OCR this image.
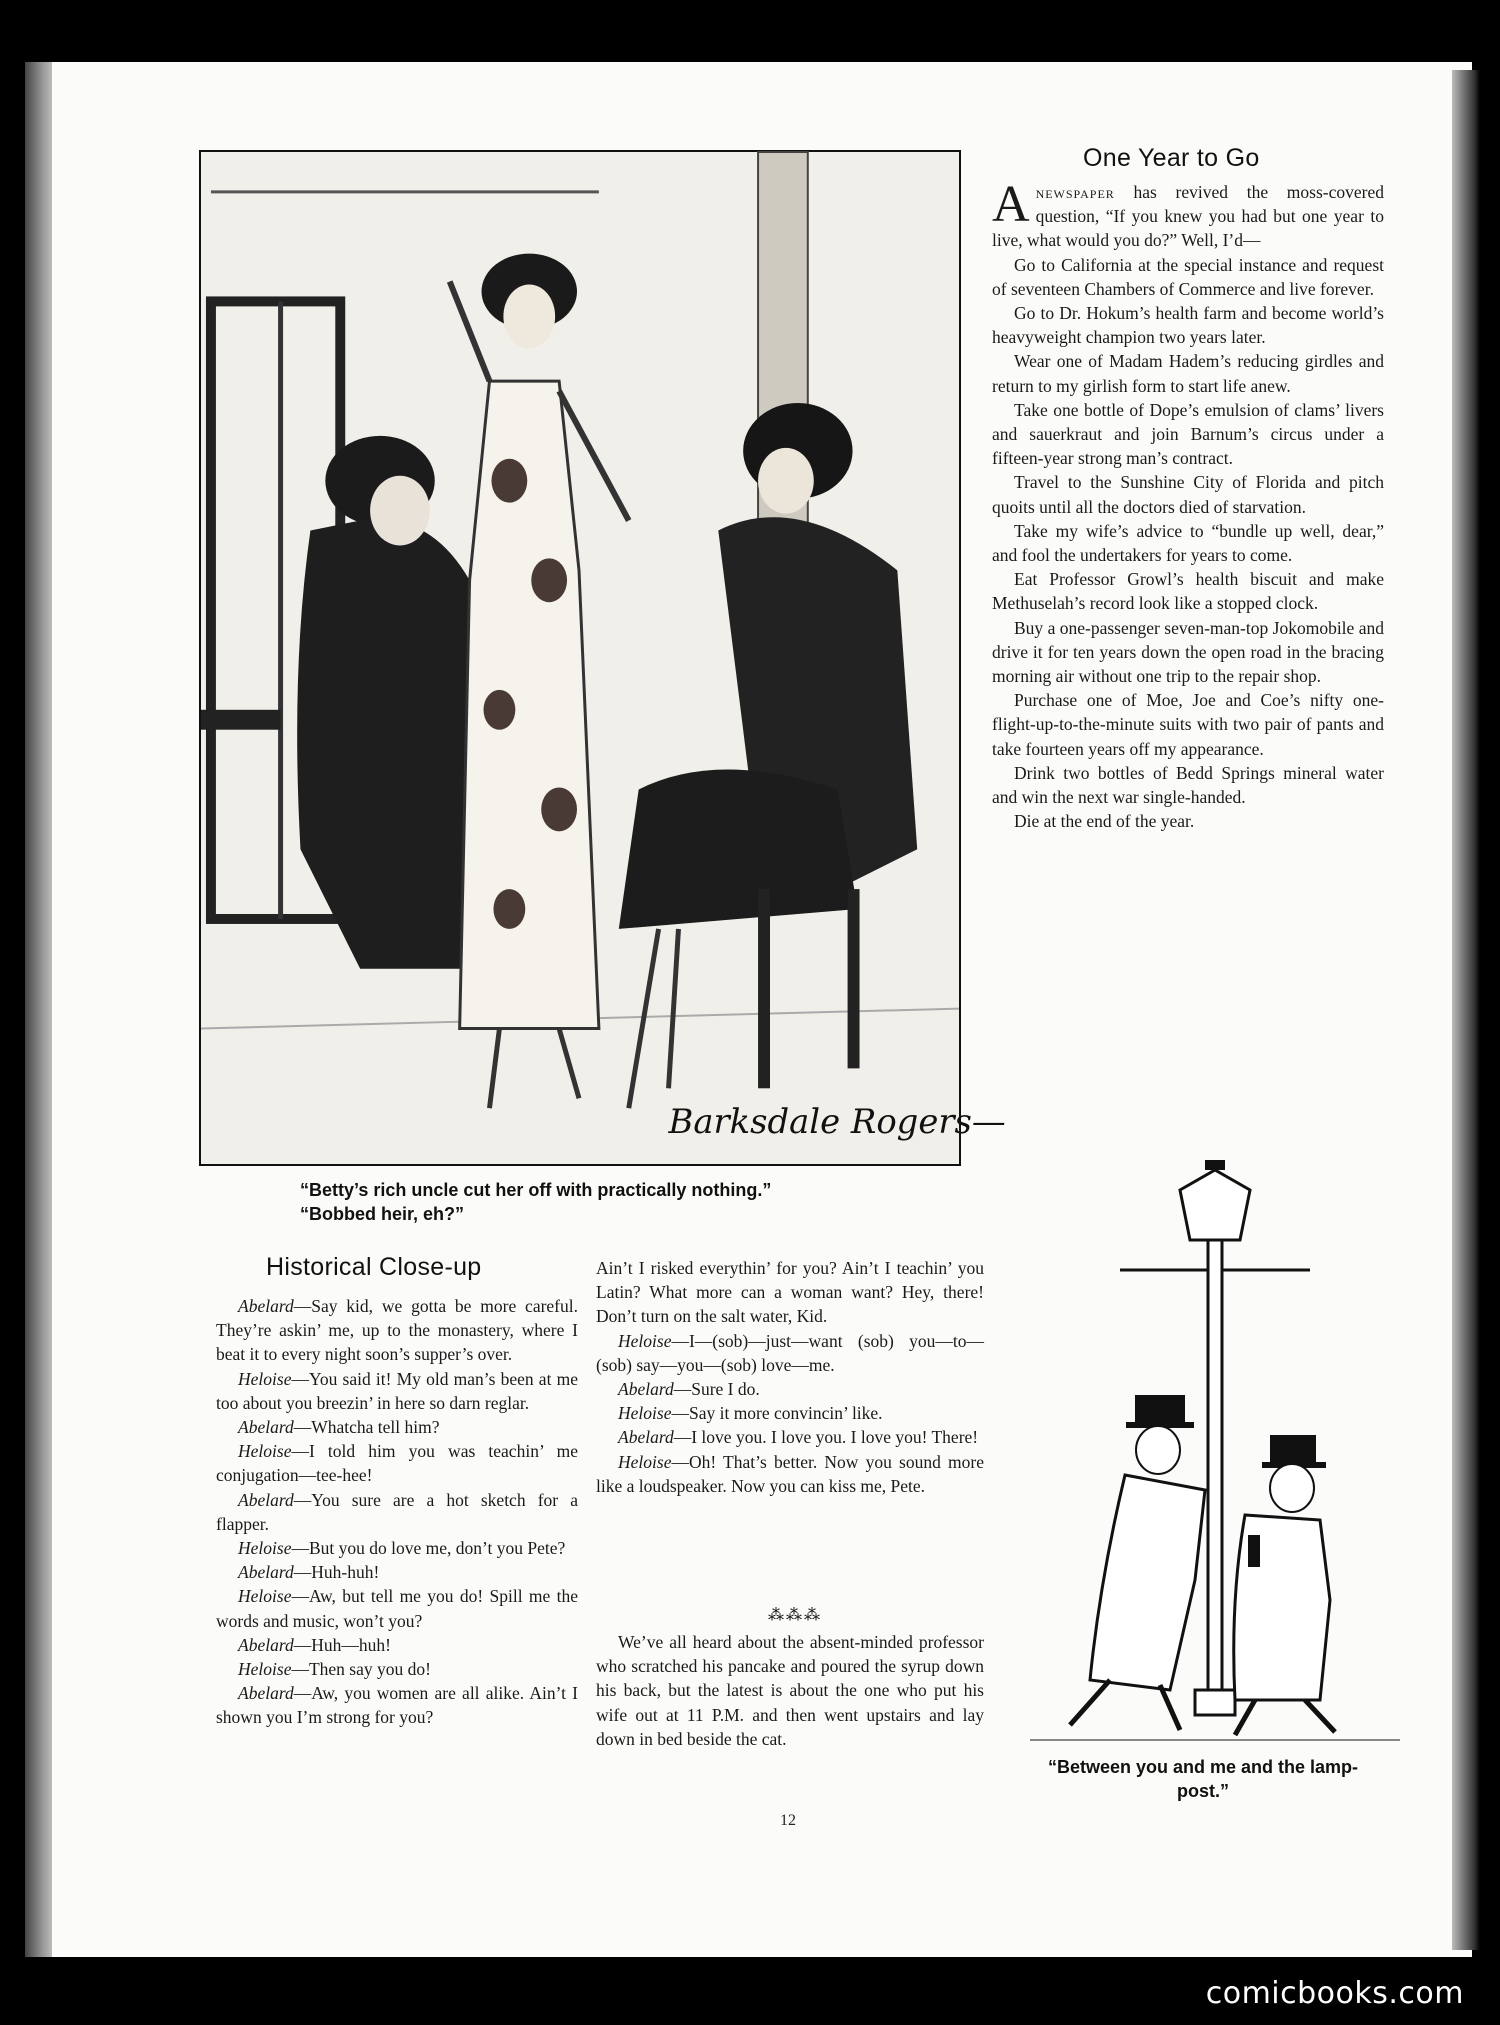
Barksdale Rogers—
“Betty’s rich uncle cut her off with practically nothing.”
“Bobbed heir, eh?”
One Year to Go

Anewspaper has revived the moss-covered question, “If you knew you had but one year to live, what would you do?” Well, I’d—

Go to California at the special instance and request of seventeen Chambers of Commerce and live forever.

Go to Dr. Hokum’s health farm and become world’s heavyweight champion two years later.

Wear one of Madam Hadem’s reducing girdles and return to my girlish form to start life anew.

Take one bottle of Dope’s emulsion of clams’ livers and sauerkraut and join Barnum’s circus under a fifteen-year strong man’s contract.

Travel to the Sunshine City of Florida and pitch quoits until all the doctors died of starvation.

Take my wife’s advice to “bundle up well, dear,” and fool the undertakers for years to come.

Eat Professor Growl’s health biscuit and make Methuselah’s record look like a stopped clock.

Buy a one-passenger seven-man-top Jokomobile and drive it for ten years down the open road in the bracing morning air without one trip to the repair shop.

Purchase one of Moe, Joe and Coe’s nifty one-flight-up-to-the-minute suits with two pair of pants and take fourteen years off my appearance.

Drink two bottles of Bedd Springs mineral water and win the next war single-handed.

Die at the end of the year.

Historical Close-up

Abelard—Say kid, we gotta be more careful. They’re askin’ me, up to the monastery, where I beat it to every night soon’s supper’s over.

Heloise—You said it! My old man’s been at me too about you breezin’ in here so darn reglar.

Abelard—Whatcha tell him?

Heloise—I told him you was teachin’ me conjugation—tee-hee!

Abelard—You sure are a hot sketch for a flapper.

Heloise—But you do love me, don’t you Pete?

Abelard—Huh-huh!

Heloise—Aw, but tell me you do! Spill me the words and music, won’t you?

Abelard—Huh—huh!

Heloise—Then say you do!

Abelard—Aw, you women are all alike. Ain’t I shown you I’m strong for you?

Ain’t I risked everythin’ for you? Ain’t I teachin’ you Latin? What more can a woman want? Hey, there! Don’t turn on the salt water, Kid.

Heloise—I—(sob)—just—want (sob) you—to—(sob) say—you—(sob) love—me.

Abelard—Sure I do.

Heloise—Say it more convincin’ like.

Abelard—I love you. I love you. I love you! There!

Heloise—Oh! That’s better. Now you sound more like a loudspeaker. Now you can kiss me, Pete.

⁂⁂⁂

We’ve all heard about the absent-minded professor who scratched his pancake and poured the syrup down his back, but the latest is about the one who put his wife out at 11 P.M. and then went upstairs and lay down in bed beside the cat.

“Between you and me and the lamp-
post.”
12
comicbooks.com
